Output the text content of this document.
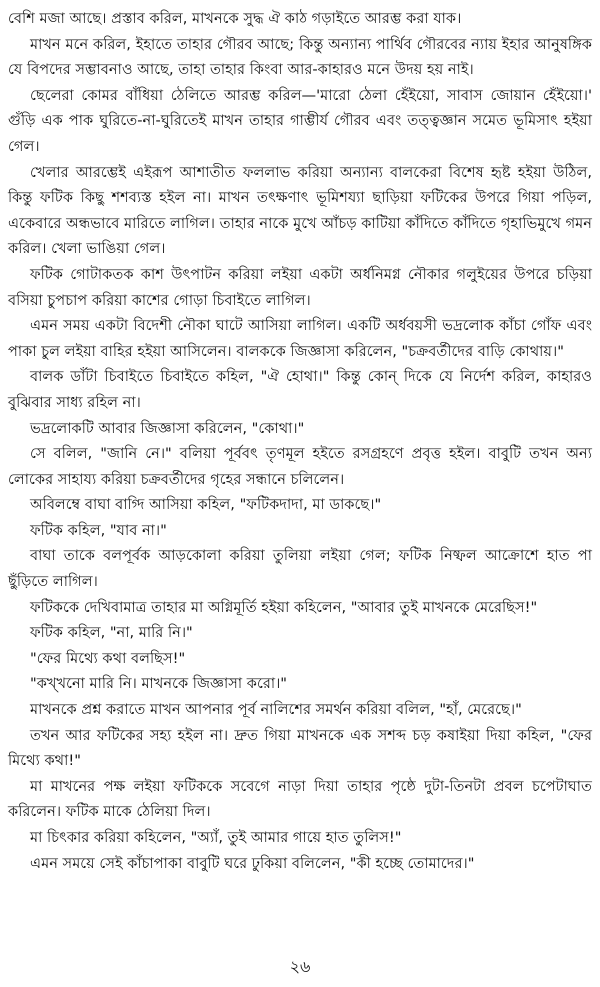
বেশি মজা আছে। প্রস্তাব করিল, মাখনকে সুদ্ধ ঐ কাঠ গড়াইতে আরম্ভ করা যাক।

মাখন মনে করিল, ইহাতে তাহার গৌরব আছে; কিন্তু অন্যান্য পার্থিব গৌরবের ন্যায় ইহার আনুষঙ্গিক যে বিপদের সম্ভাবনাও আছে, তাহা তাহার কিংবা আর-কাহারও মনে উদয় হয় নাই।

ছেলেরা কোমর বাঁধিয়া ঠেলিতে আরম্ভ করিল—'মারো ঠেলা হেঁইয়ো, সাবাস জোয়ান হেঁইয়ো।' গুঁড়ি এক পাক ঘুরিতে-না-ঘুরিতেই মাখন তাহার গাম্ভীর্য গৌরব এবং তত্ত্বজ্ঞান সমেত ভূমিসাৎ হইয়া গেল।

খেলার আরম্ভেই এইরূপ আশাতীত ফললাভ করিয়া অন্যান্য বালকেরা বিশেষ হৃষ্ট হইয়া উঠিল, কিন্তু ফটিক কিছু শশব্যস্ত হইল না। মাখন তৎক্ষণাৎ ভূমিশয্যা ছাড়িয়া ফটিকের উপরে গিয়া পড়িল, একেবারে অন্ধভাবে মারিতে লাগিল। তাহার নাকে মুখে আঁচড় কাটিয়া কাঁদিতে কাঁদিতে গৃহাভিমুখে গমন করিল। খেলা ভাঙিয়া গেল।

ফটিক গোটাকতক কাশ উৎপাটন করিয়া লইয়া একটা অর্ধনিমগ্ন নৌকার গলুইয়ের উপরে চড়িয়া বসিয়া চুপচাপ করিয়া কাশের গোড়া চিবাইতে লাগিল।

এমন সময় একটা বিদেশী নৌকা ঘাটে আসিয়া লাগিল। একটি অর্ধবয়সী ভদ্রলোক কাঁচা গোঁফ এবং পাকা চুল লইয়া বাহির হইয়া আসিলেন। বালককে জিজ্ঞাসা করিলেন, "চক্রবর্তীদের বাড়ি কোথায়।"

বালক ডাঁটা চিবাইতে চিবাইতে কহিল, "ঐ হোথা।" কিন্তু কোন্ দিকে যে নির্দেশ করিল, কাহারও বুঝিবার সাধ্য রহিল না।

ভদ্রলোকটি আবার জিজ্ঞাসা করিলেন, "কোথা।"

সে বলিল, "জানি নে।" বলিয়া পূর্ববৎ তৃণমূল হইতে রসগ্রহণে প্রবৃত্ত হইল। বাবুটি তখন অন্য লোকের সাহায্য করিয়া চক্রবর্তীদের গৃহের সন্ধানে চলিলেন।

অবিলম্বে বাঘা বাগ্দি আসিয়া কহিল, "ফটিকদাদা, মা ডাকছে।"

ফটিক কহিল, "যাব না।"

বাঘা তাকে বলপূর্বক আড়কোলা করিয়া তুলিয়া লইয়া গেল; ফটিক নিষ্ফল আক্রোশে হাত পা ছুঁড়িতে লাগিল।

ফটিককে দেখিবামাত্র তাহার মা অগ্নিমূর্তি হইয়া কহিলেন, "আবার তুই মাখনকে মেরেছিস!"

ফটিক কহিল, "না, মারি নি।"

"ফের মিথ্যে কথা বলছিস!"

"কখ্‌খনো মারি নি। মাখনকে জিজ্ঞাসা করো।"

মাখনকে প্রশ্ন করাতে মাখন আপনার পূর্ব নালিশের সমর্থন করিয়া বলিল, "হাঁ, মেরেছে।"

তখন আর ফটিকের সহ্য হইল না। দ্রুত গিয়া মাখনকে এক সশব্দ চড় কষাইয়া দিয়া কহিল, "ফের মিথ্যে কথা!"

মা মাখনের পক্ষ লইয়া ফটিককে সবেগে নাড়া দিয়া তাহার পৃষ্ঠে দুটা-তিনটা প্রবল চপেটাঘাত করিলেন। ফটিক মাকে ঠেলিয়া দিল।

মা চিৎকার করিয়া কহিলেন, "অ্যাঁ, তুই আমার গায়ে হাত তুলিস!"

এমন সময়ে সেই কাঁচাপাকা বাবুটি ঘরে ঢুকিয়া বলিলেন, "কী হচ্ছে তোমাদের।"

২৬
